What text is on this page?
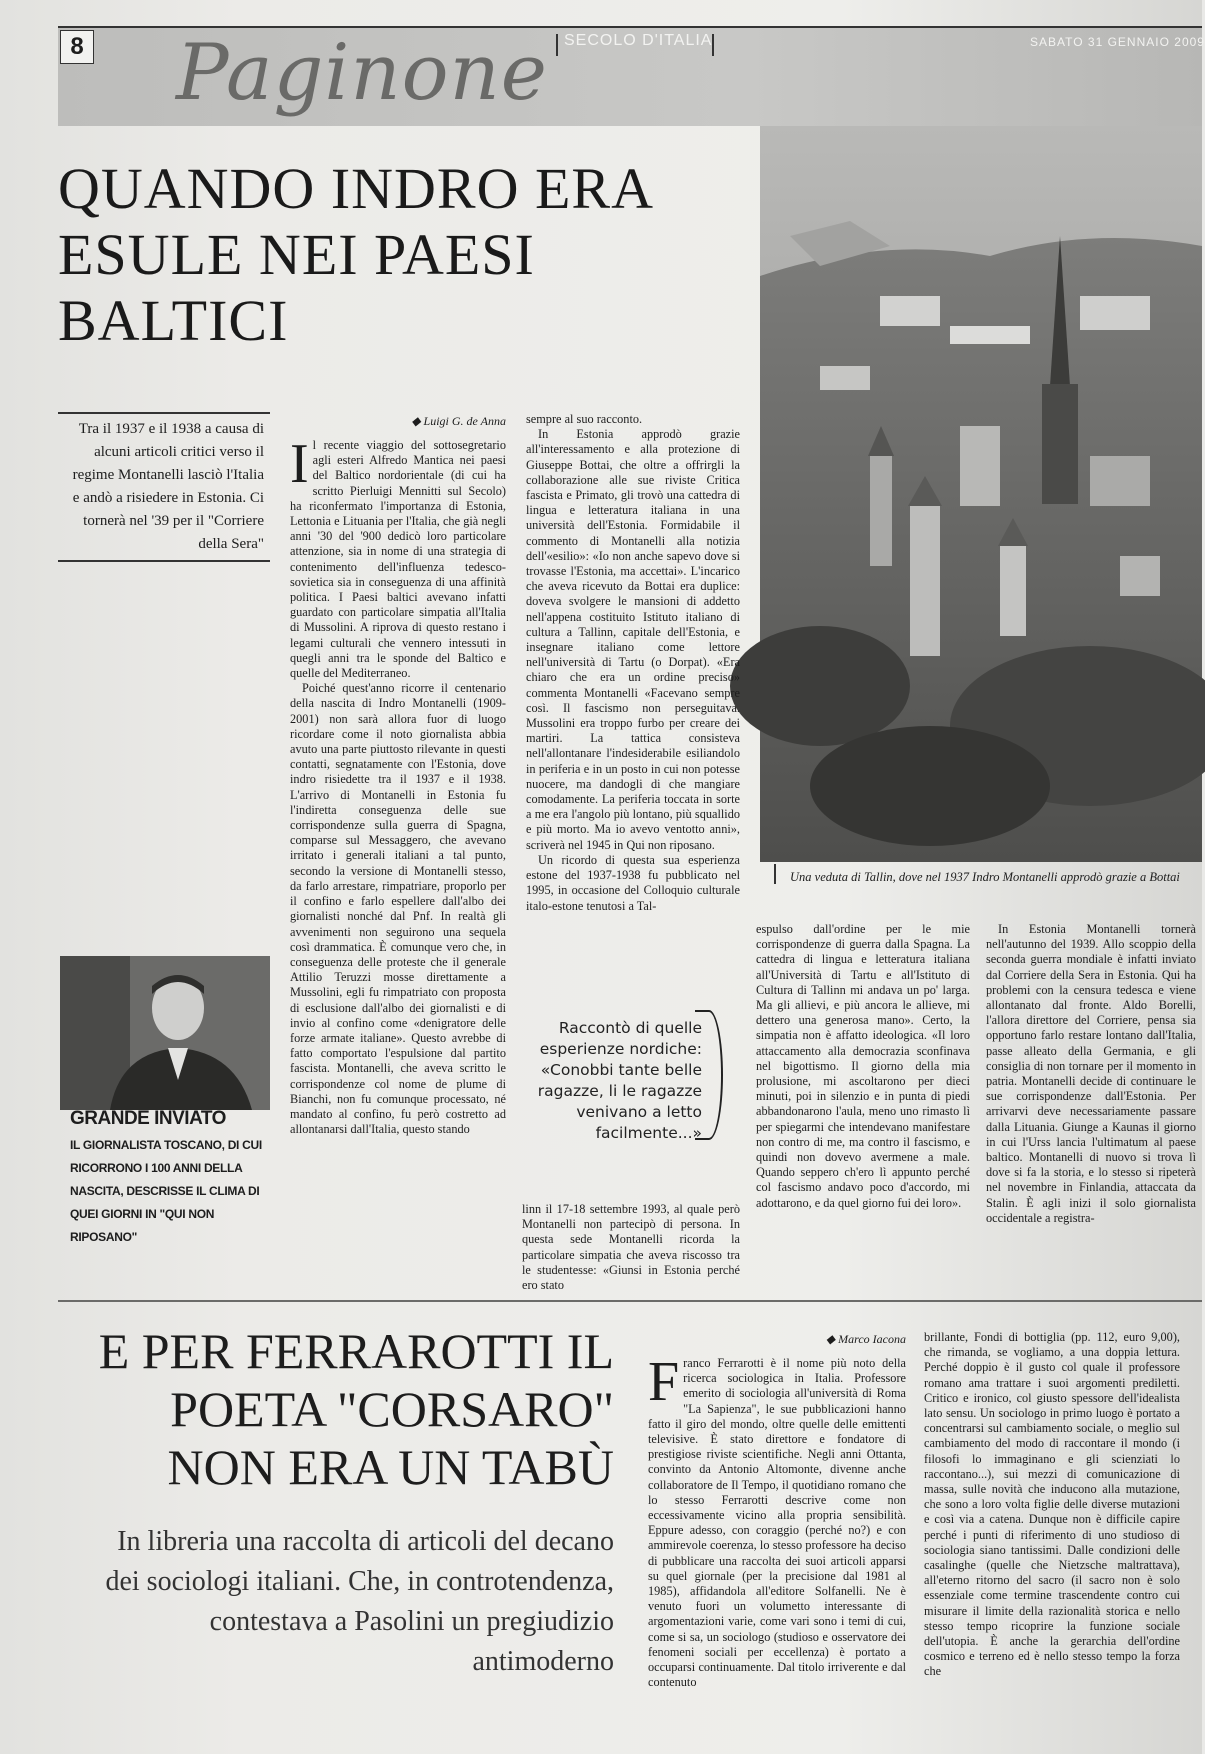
8 Paginone SECOLO D'ITALIA	SABATO 31 GENNAIO 2009
QUANDO INDRO ERA ESULE NEI PAESI BALTICI
Una veduta di Tallin, dove nel 1937 Indro Montanelli approdò grazie a Bottai
Tra il 1937 e il 1938 a causa di alcuni articoli critici verso il regime Montanelli lasciò l'Italia e andò a risiedere in Estonia. Ci tornerà nel '39 per il "Corriere della Sera"
◆ Luigi G. de Anna

Il recente viaggio del sottosegretario agli esteri Alfredo Mantica nei paesi del Baltico nordorientale (di cui ha scritto Pierluigi Mennitti sul Secolo) ha riconfermato l'importanza di Estonia, Lettonia e Lituania per l'Italia, che già negli anni '30 del '900 dedicò loro particolare attenzione, sia in nome di una strategia di contenimento dell'influenza tedesco-sovietica sia in conseguenza di una affinità politica. I Paesi baltici avevano infatti guardato con particolare simpatia all'Italia di Mussolini. A riprova di questo restano i legami culturali che vennero intessuti in quegli anni tra le sponde del Baltico e quelle del Mediterraneo.

Poiché quest'anno ricorre il centenario della nascita di Indro Montanelli (1909-2001) non sarà allora fuor di luogo ricordare come il noto giornalista abbia avuto una parte piuttosto rilevante in questi contatti, segnatamente con l'Estonia, dove indro risiedette tra il 1937 e il 1938. L'arrivo di Montanelli in Estonia fu l'indiretta conseguenza delle sue corrispondenze sulla guerra di Spagna, comparse sul Messaggero, che avevano irritato i generali italiani a tal punto, secondo la versione di Montanelli stesso, da farlo arrestare, rimpatriare, proporlo per il confino e farlo espellere dall'albo dei giornalisti nonché dal Pnf. In realtà gli avvenimenti non seguirono una sequela così drammatica. È comunque vero che, in conseguenza delle proteste che il generale Attilio Teruzzi mosse direttamente a Mussolini, egli fu rimpatriato con proposta di esclusione dall'albo dei giornalisti e di invio al confino come «denigratore delle forze armate italiane». Questo avrebbe di fatto comportato l'espulsione dal partito fascista. Montanelli, che aveva scritto le corrispondenze col nome de plume di Bianchi, non fu comunque processato, né mandato al confino, fu però costretto ad allontanarsi dall'Italia, questo stando

sempre al suo racconto.

In Estonia approdò grazie all'interessamento e alla protezione di Giuseppe Bottai, che oltre a offrirgli la collaborazione alle sue riviste Critica fascista e Primato, gli trovò una cattedra di lingua e letteratura italiana in una università dell'Estonia. Formidabile il commento di Montanelli alla notizia dell'«esilio»: «Io non anche sapevo dove si trovasse l'Estonia, ma accettai». L'incarico che aveva ricevuto da Bottai era duplice: doveva svolgere le mansioni di addetto nell'appena costituito Istituto italiano di cultura a Tallinn, capitale dell'Estonia, e insegnare italiano come lettore nell'università di Tartu (o Dorpat). «Era chiaro che era un ordine preciso» commenta Montanelli «Facevano sempre così. Il fascismo non perseguitava. Mussolini era troppo furbo per creare dei martiri. La tattica consisteva nell'allontanare l'indesiderabile esiliandolo in periferia e in un posto in cui non potesse nuocere, ma dandogli di che mangiare comodamente. La periferia toccata in sorte a me era l'angolo più lontano, più squallido e più morto. Ma io avevo ventotto anni», scriverà nel 1945 in Qui non riposano.

Un ricordo di questa sua esperienza estone del 1937-1938 fu pubblicato nel 1995, in occasione del Colloquio culturale italo-estone tenutosi a Tal-

Raccontò di quelle esperienze nordiche: «Conobbi tante belle ragazze, li le ragazze venivano a letto facilmente...»

linn il 17-18 settembre 1993, al quale però Montanelli non partecipò di persona. In questa sede Montanelli ricorda la particolare simpatia che aveva riscosso tra le studentesse: «Giunsi in Estonia perché ero stato

espulso dall'ordine per le mie corrispondenze di guerra dalla Spagna. La cattedra di lingua e letteratura italiana all'Università di Tartu e all'Istituto di Cultura di Tallinn mi andava un po' larga. Ma gli allievi, e più ancora le allieve, mi dettero una generosa mano». Certo, la simpatia non è affatto ideologica. «Il loro attaccamento alla democrazia sconfinava nel bigottismo. Il giorno della mia prolusione, mi ascoltarono per dieci minuti, poi in silenzio e in punta di piedi abbandonarono l'aula, meno uno rimasto lì per spiegarmi che intendevano manifestare non contro di me, ma contro il fascismo, e quindi non dovevo avermene a male. Quando seppero ch'ero lì appunto perché col fascismo andavo poco d'accordo, mi adottarono, e da quel giorno fui dei loro».

In Estonia Montanelli tornerà nell'autunno del 1939. Allo scoppio della seconda guerra mondiale è infatti inviato dal Corriere della Sera in Estonia. Qui ha problemi con la censura tedesca e viene allontanato dal fronte. Aldo Borelli, l'allora direttore del Corriere, pensa sia opportuno farlo restare lontano dall'Italia, passe alleato della Germania, e gli consiglia di non tornare per il momento in patria. Montanelli decide di continuare le sue corrispondenze dall'Estonia. Per arrivarvi deve necessariamente passare dalla Lituania. Giunge a Kaunas il giorno in cui l'Urss lancia l'ultimatum al paese baltico. Montanelli di nuovo si trova lì dove si fa la storia, e lo stesso si ripeterà nel novembre in Finlandia, attaccata da Stalin. È agli inizi il solo giornalista occidentale a registra-

GRANDE INVIATO
IL GIORNALISTA TOSCANO, DI CUI RICORRONO I 100 ANNI DELLA NASCITA, DESCRISSE IL CLIMA DI QUEI GIORNI IN "QUI NON RIPOSANO"
E PER FERRAROTTI IL POETA "CORSARO" NON ERA UN TABÙ
In libreria una raccolta di articoli del decano dei sociologi italiani. Che, in controtendenza, contestava a Pasolini un pregiudizio antimoderno
◆ Marco Iacona

Franco Ferrarotti è il nome più noto della ricerca sociologica in Italia. Professore emerito di sociologia all'università di Roma "La Sapienza", le sue pubblicazioni hanno fatto il giro del mondo, oltre quelle delle emittenti televisive. È stato direttore e fondatore di prestigiose riviste scientifiche. Negli anni Ottanta, convinto da Antonio Altomonte, divenne anche collaboratore de Il Tempo, il quotidiano romano che lo stesso Ferrarotti descrive come non eccessivamente vicino alla propria sensibilità. Eppure adesso, con coraggio (perché no?) e con ammirevole coerenza, lo stesso professore ha deciso di pubblicare una raccolta dei suoi articoli apparsi su quel giornale (per la precisione dal 1981 al 1985), affidandola all'editore Solfanelli. Ne è venuto fuori un volumetto interessante di argomentazioni varie, come vari sono i temi di cui, come si sa, un sociologo (studioso e osservatore dei fenomeni sociali per eccellenza) è portato a occuparsi continuamente. Dal titolo irriverente e dal contenuto

brillante, Fondi di bottiglia (pp. 112, euro 9,00), che rimanda, se vogliamo, a una doppia lettura. Perché doppio è il gusto col quale il professore romano ama trattare i suoi argomenti prediletti. Critico e ironico, col giusto spessore dell'idealista lato sensu. Un sociologo in primo luogo è portato a concentrarsi sul cambiamento sociale, o meglio sul cambiamento del modo di raccontare il mondo (i filosofi lo immaginano e gli scienziati lo raccontano...), sui mezzi di comunicazione di massa, sulle novità che inducono alla mutazione, che sono a loro volta figlie delle diverse mutazioni e così via a catena. Dunque non è difficile capire perché i punti di riferimento di uno studioso di sociologia siano tantissimi. Dalle condizioni delle casalinghe (quelle che Nietzsche maltrattava), all'eterno ritorno del sacro (il sacro non è solo essenziale come termine trascendente contro cui misurare il limite della razionalità storica e nello stesso tempo ricoprire la funzione sociale dell'utopia. È anche la gerarchia dell'ordine cosmico e terreno ed è nello stesso tempo la forza che
